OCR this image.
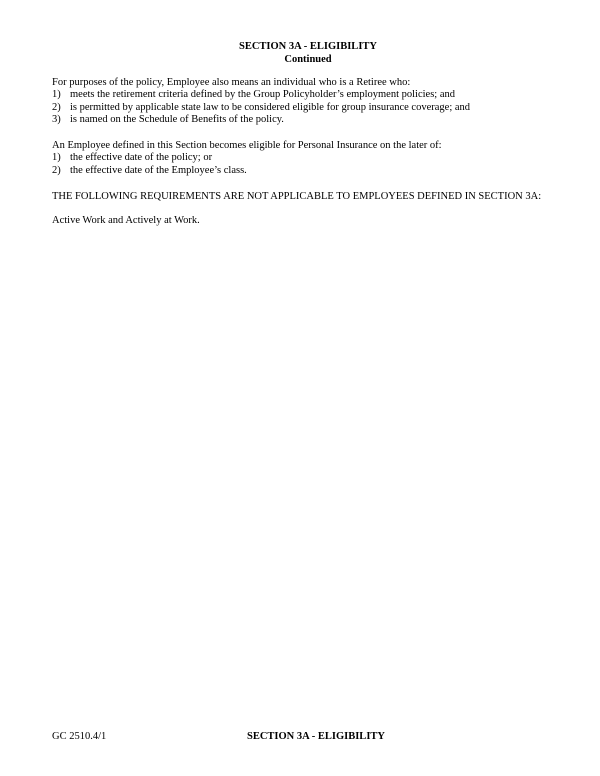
SECTION 3A - ELIGIBILITY
Continued
For purposes of the policy, Employee also means an individual who is a Retiree who:
1) meets the retirement criteria defined by the Group Policyholder’s employment policies; and
2) is permitted by applicable state law to be considered eligible for group insurance coverage; and
3) is named on the Schedule of Benefits of the policy.
An Employee defined in this Section becomes eligible for Personal Insurance on the later of:
1) the effective date of the policy; or
2) the effective date of the Employee’s class.
THE FOLLOWING REQUIREMENTS ARE NOT APPLICABLE TO EMPLOYEES DEFINED IN SECTION 3A:
Active Work and Actively at Work.
GC 2510.4/1	SECTION 3A - ELIGIBILITY
